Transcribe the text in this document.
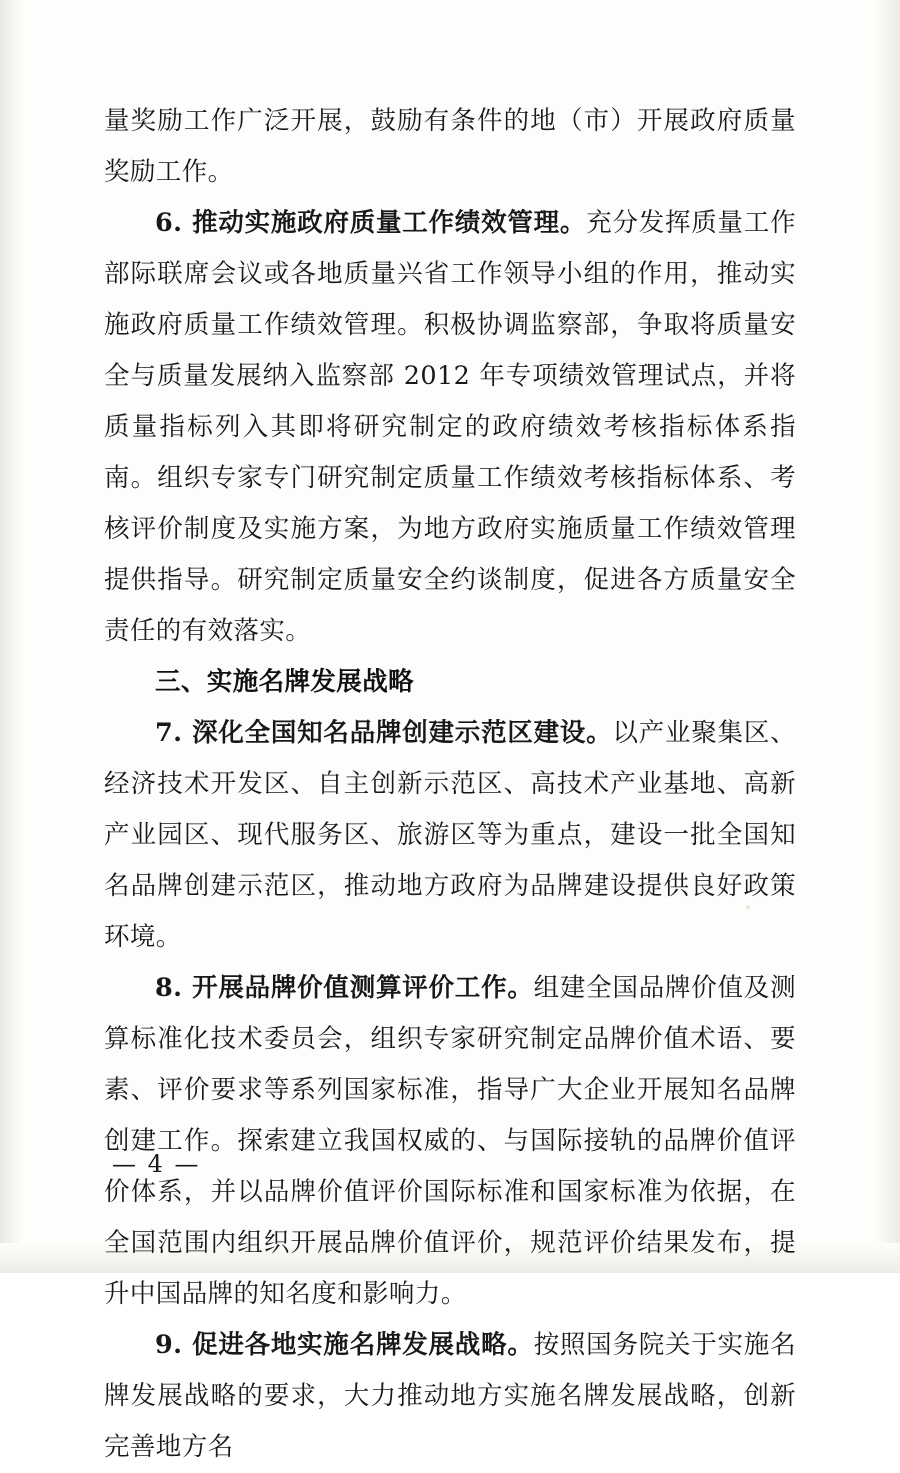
量奖励工作广泛开展，鼓励有条件的地（市）开展政府质量奖励工作。

6. 推动实施政府质量工作绩效管理。充分发挥质量工作部际联席会议或各地质量兴省工作领导小组的作用，推动实施政府质量工作绩效管理。积极协调监察部，争取将质量安全与质量发展纳入监察部 2012 年专项绩效管理试点，并将质量指标列入其即将研究制定的政府绩效考核指标体系指南。组织专家专门研究制定质量工作绩效考核指标体系、考核评价制度及实施方案，为地方政府实施质量工作绩效管理提供指导。研究制定质量安全约谈制度，促进各方质量安全责任的有效落实。

三、实施名牌发展战略

7. 深化全国知名品牌创建示范区建设。以产业聚集区、经济技术开发区、自主创新示范区、高技术产业基地、高新产业园区、现代服务区、旅游区等为重点，建设一批全国知名品牌创建示范区，推动地方政府为品牌建设提供良好政策环境。

8. 开展品牌价值测算评价工作。组建全国品牌价值及测算标准化技术委员会，组织专家研究制定品牌价值术语、要素、评价要求等系列国家标准，指导广大企业开展知名品牌创建工作。探索建立我国权威的、与国际接轨的品牌价值评价体系，并以品牌价值评价国际标准和国家标准为依据，在全国范围内组织开展品牌价值评价，规范评价结果发布，提升中国品牌的知名度和影响力。

9. 促进各地实施名牌发展战略。按照国务院关于实施名牌发展战略的要求，大力推动地方实施名牌发展战略，创新完善地方名

— 4 —
